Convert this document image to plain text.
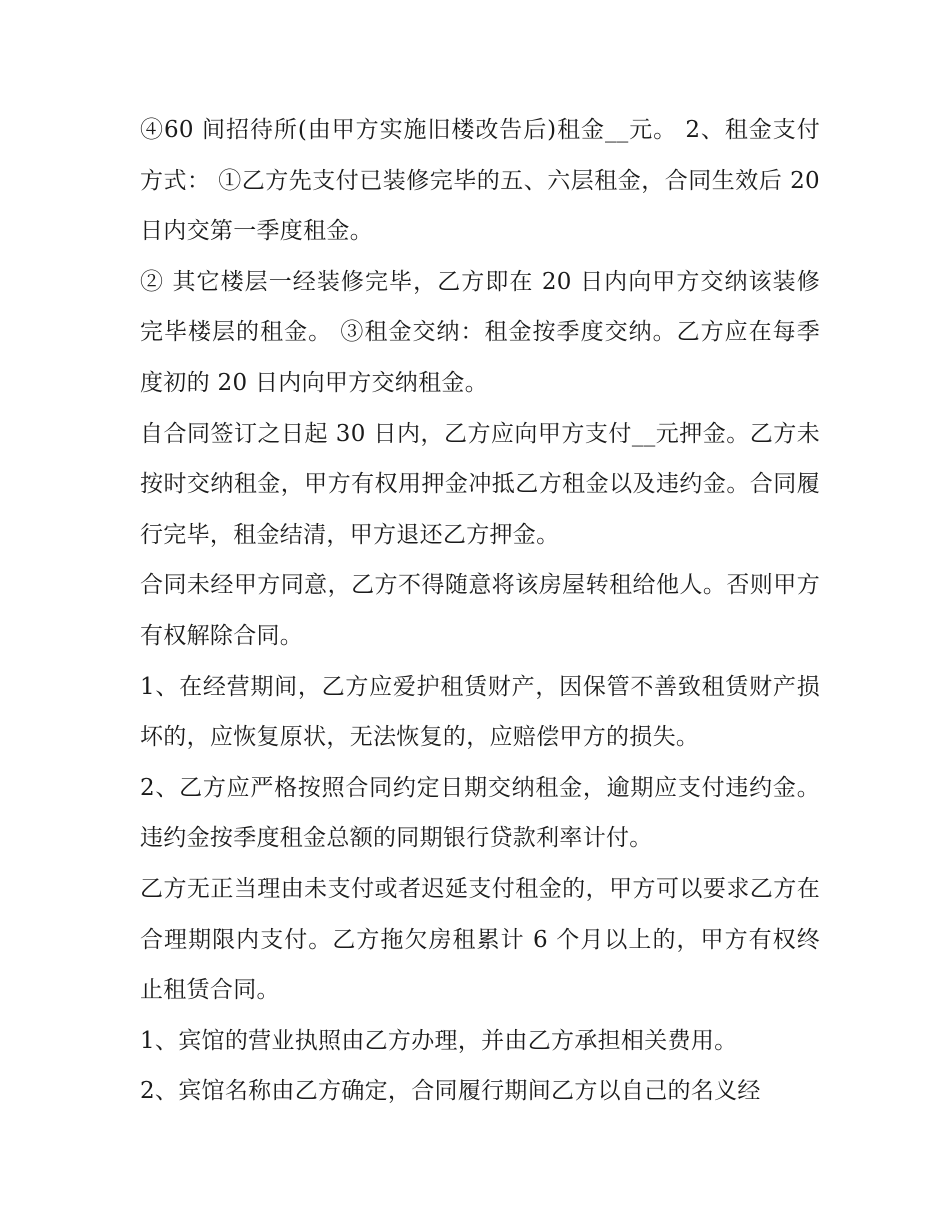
④60 间招待所(由甲方实施旧楼改告后)租金__元。 2、租金支付方式： ①乙方先支付已装修完毕的五、六层租金，合同生效后 20 日内交第一季度租金。

② 其它楼层一经装修完毕，乙方即在 20 日内向甲方交纳该装修完毕楼层的租金。 ③租金交纳：租金按季度交纳。乙方应在每季度初的 20 日内向甲方交纳租金。

自合同签订之日起 30 日内，乙方应向甲方支付__元押金。乙方未按时交纳租金，甲方有权用押金冲抵乙方租金以及违约金。合同履行完毕，租金结清，甲方退还乙方押金。

合同未经甲方同意，乙方不得随意将该房屋转租给他人。否则甲方有权解除合同。

1、在经营期间，乙方应爱护租赁财产，因保管不善致租赁财产损坏的，应恢复原状，无法恢复的，应赔偿甲方的损失。

2、乙方应严格按照合同约定日期交纳租金，逾期应支付违约金。违约金按季度租金总额的同期银行贷款利率计付。

乙方无正当理由未支付或者迟延支付租金的，甲方可以要求乙方在合理期限内支付。乙方拖欠房租累计 6 个月以上的，甲方有权终止租赁合同。

1、宾馆的营业执照由乙方办理，并由乙方承担相关费用。

2、宾馆名称由乙方确定，合同履行期间乙方以自己的名义经
